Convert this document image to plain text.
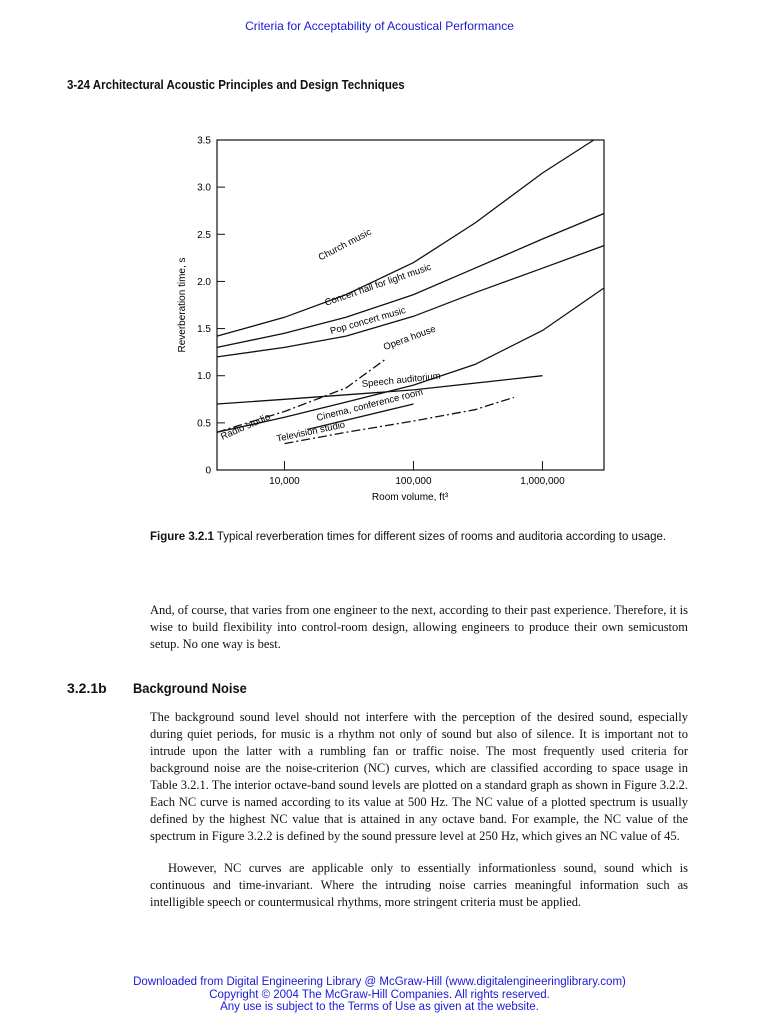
Criteria for Acceptability of Acoustical Performance
3-24 Architectural Acoustic Principles and Design Techniques
0
0.5
1.0
1.5
2.0
2.5
3.0
3.5
10,000	100,000	1,000,000
Church music
Concert hall for light music
Pop concert music
Opera house
Speech auditorium
Radio studio
Cinema, conference room
Television studio
Reverberation time, s
Room volume, ft³
Figure 3.2.1 Typical reverberation times for different sizes of rooms and auditoria according to usage.

And, of course, that varies from one engineer to the next, according to their past experience. Therefore, it is wise to build flexibility into control-room design, allowing engineers to produce their own semicustom setup. No one way is best.

3.2.1b Background Noise

The background sound level should not interfere with the perception of the desired sound, especially during quiet periods, for music is a rhythm not only of sound but also of silence. It is important not to intrude upon the latter with a rumbling fan or traffic noise. The most frequently used criteria for background noise are the noise-criterion (NC) curves, which are classified according to space usage in Table 3.2.1. The interior octave-band sound levels are plotted on a standard graph as shown in Figure 3.2.2. Each NC curve is named according to its value at 500 Hz. The NC value of a plotted spectrum is usually defined by the highest NC value that is attained in any octave band. For example, the NC value of the spectrum in Figure 3.2.2 is defined by the sound pressure level at 250 Hz, which gives an NC value of 45.

However, NC curves are applicable only to essentially informationless sound, sound which is continuous and time-invariant. Where the intruding noise carries meaningful information such as intelligible speech or countermusical rhythms, more stringent criteria must be applied.

Downloaded from Digital Engineering Library @ McGraw-Hill (www.digitalengineeringlibrary.com)
Copyright © 2004 The McGraw-Hill Companies. All rights reserved.
Any use is subject to the Terms of Use as given at the website.
